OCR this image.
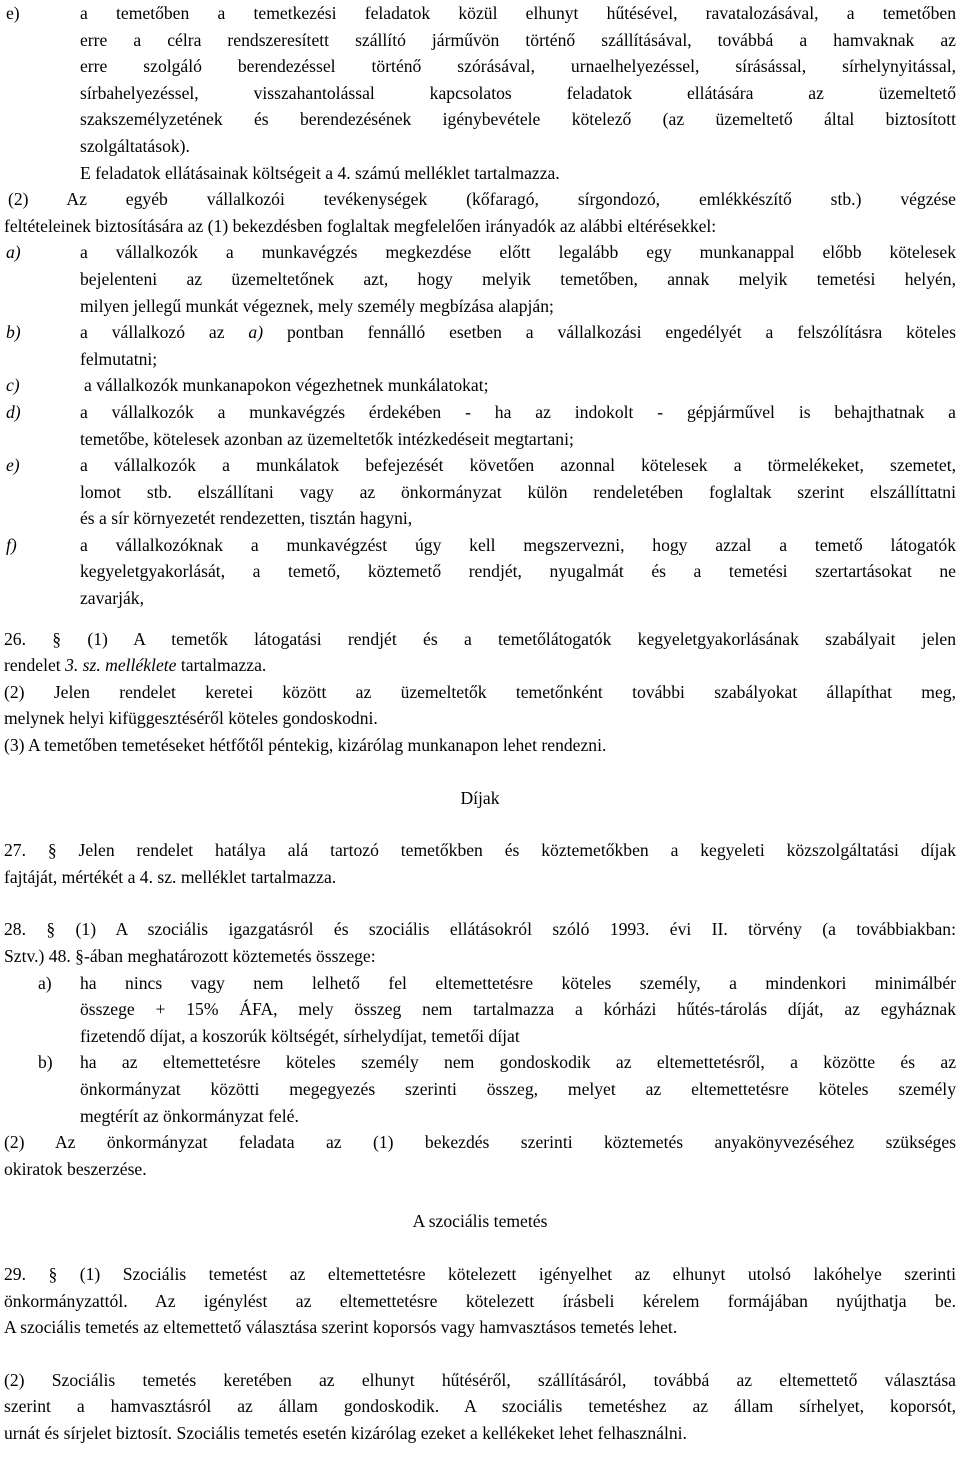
e)	a temetőben a temetkezési feladatok közül elhunyt hűtésével, ravatalozásával, a temetőben
erre a célra rendszeresített szállító járművön történő szállításával, továbbá a hamvaknak az
erre szolgáló berendezéssel történő szórásával, urnaelhelyezéssel, sírásással, sírhelynyitással,
sírbahelyezéssel, visszahantolással kapcsolatos feladatok ellátására az üzemeltető
szakszemélyzetének és berendezésének igénybevétele kötelező (az üzemeltető által biztosított
szolgáltatások).
E feladatok ellátásainak költségeit a 4. számú melléklet tartalmazza.

(2) Az egyéb vállalkozói tevékenységek (kőfaragó, sírgondozó, emlékkészítő stb.) végzése

feltételeinek biztosítására az (1) bekezdésben foglaltak megfelelően irányadók az alábbi eltérésekkel:

a)	a vállalkozók a munkavégzés megkezdése előtt legalább egy munkanappal előbb kötelesek
bejelenteni az üzemeltetőnek azt, hogy melyik temetőben, annak melyik temetési helyén,
milyen jellegű munkát végeznek, mely személy megbízása alapján;
b)	a vállalkozó az a) pontban fennálló esetben a vállalkozási engedélyét a felszólításra köteles
felmutatni;
c)	a vállalkozók munkanapokon végezhetnek munkálatokat;
d)	a vállalkozók a munkavégzés érdekében - ha az indokolt - gépjárművel is behajthatnak a
temetőbe, kötelesek azonban az üzemeltetők intézkedéseit megtartani;
e)	a vállalkozók a munkálatok befejezését követően azonnal kötelesek a törmelékeket, szemetet,
lomot stb. elszállítani vagy az önkormányzat külön rendeletében foglaltak szerint elszállíttatni
és a sír környezetét rendezetten, tisztán hagyni,
f)	a vállalkozóknak a munkavégzést úgy kell megszervezni, hogy azzal a temető látogatók
kegyeletgyakorlását, a temető, köztemető rendjét, nyugalmát és a temetési szertartásokat ne
zavarják,

26. § (1) A temetők látogatási rendjét és a temetőlátogatók kegyeletgyakorlásának szabályait jelen

rendelet 3. sz. melléklete tartalmazza.

(2) Jelen rendelet keretei között az üzemeltetők temetőnként további szabályokat állapíthat meg,

melynek helyi kifüggesztéséről köteles gondoskodni.

(3) A temetőben temetéseket hétfőtől péntekig, kizárólag munkanapon lehet rendezni.

Díjak

27. § Jelen rendelet hatálya alá tartozó temetőkben és köztemetőkben a kegyeleti közszolgáltatási díjak

fajtáját, mértékét a 4. sz. melléklet tartalmazza.

28. § (1) A szociális igazgatásról és szociális ellátásokról szóló 1993. évi II. törvény (a továbbiakban:

Sztv.) 48. §-ában meghatározott köztemetés összege:

a)	ha nincs vagy nem lelhető fel eltemettetésre köteles személy, a mindenkori minimálbér
összege + 15% ÁFA, mely összeg nem tartalmazza a kórházi hűtés-tárolás díját, az egyháznak
fizetendő díjat, a koszorúk költségét, sírhelydíjat, temetői díjat
b)	ha az eltemettetésre köteles személy nem gondoskodik az eltemettetésről, a közötte és az
önkormányzat közötti megegyezés szerinti összeg, melyet az eltemettetésre köteles személy
megtérít az önkormányzat felé.

(2) Az önkormányzat feladata az (1) bekezdés szerinti köztemetés anyakönyvezéséhez szükséges

okiratok beszerzése.

A szociális temetés

29. § (1) Szociális temetést az eltemettetésre kötelezett igényelhet az elhunyt utolsó lakóhelye szerinti

önkormányzattól. Az igénylést az eltemettetésre kötelezett írásbeli kérelem formájában nyújthatja be.

A szociális temetés az eltemettető választása szerint koporsós vagy hamvasztásos temetés lehet.

(2) Szociális temetés keretében az elhunyt hűtéséről, szállításáról, továbbá az eltemettető választása

szerint a hamvasztásról az állam gondoskodik. A szociális temetéshez az állam sírhelyet, koporsót,

urnát és sírjelet biztosít. Szociális temetés esetén kizárólag ezeket a kellékeket lehet felhasználni.
